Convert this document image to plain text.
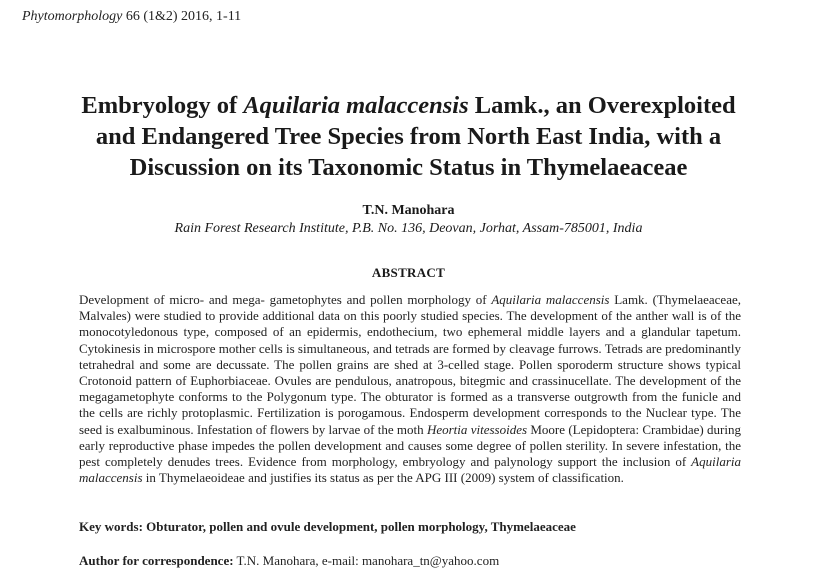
Phytomorphology 66 (1&2) 2016, 1-11
Embryology of Aquilaria malaccensis Lamk., an Overexploited
and Endangered Tree Species from North East India, with a
Discussion on its Taxonomic Status in Thymelaeaceae
T.N. Manohara
Rain Forest Research Institute, P.B. No. 136, Deovan, Jorhat, Assam-785001, India
ABSTRACT

Development of micro- and mega- gametophytes and pollen morphology of Aquilaria malaccensis Lamk. (Thymelaeaceae, Malvales) were studied to provide additional data on this poorly studied species. The development of the anther wall is of the monocotyledonous type, composed of an epidermis, endothecium, two ephemeral middle layers and a glandular tapetum. Cytokinesis in microspore mother cells is simultaneous, and tetrads are formed by cleavage furrows. Tetrads are predominantly tetrahedral and some are decussate. The pollen grains are shed at 3-celled stage. Pollen sporoderm structure shows typical Crotonoid pattern of Euphorbiaceae. Ovules are pendulous, anatropous, bitegmic and crassinucellate. The development of the megagametophyte conforms to the Polygonum type. The obturator is formed as a transverse outgrowth from the funicle and the cells are richly protoplasmic. Fertilization is porogamous. Endosperm development corresponds to the Nuclear type. The seed is exalbuminous. Infestation of flowers by larvae of the moth Heortia vitessoides Moore (Lepidoptera: Crambidae) during early reproductive phase impedes the pollen development and causes some degree of pollen sterility. In severe infestation, the pest completely denudes trees. Evidence from morphology, embryology and palynology support the inclusion of Aquilaria malaccensis in Thymelaeoideae and justifies its status as per the APG III (2009) system of classification.

Key words: Obturator, pollen and ovule development, pollen morphology, Thymelaeaceae
Author for correspondence: T.N. Manohara, e-mail: manohara_tn@yahoo.com
